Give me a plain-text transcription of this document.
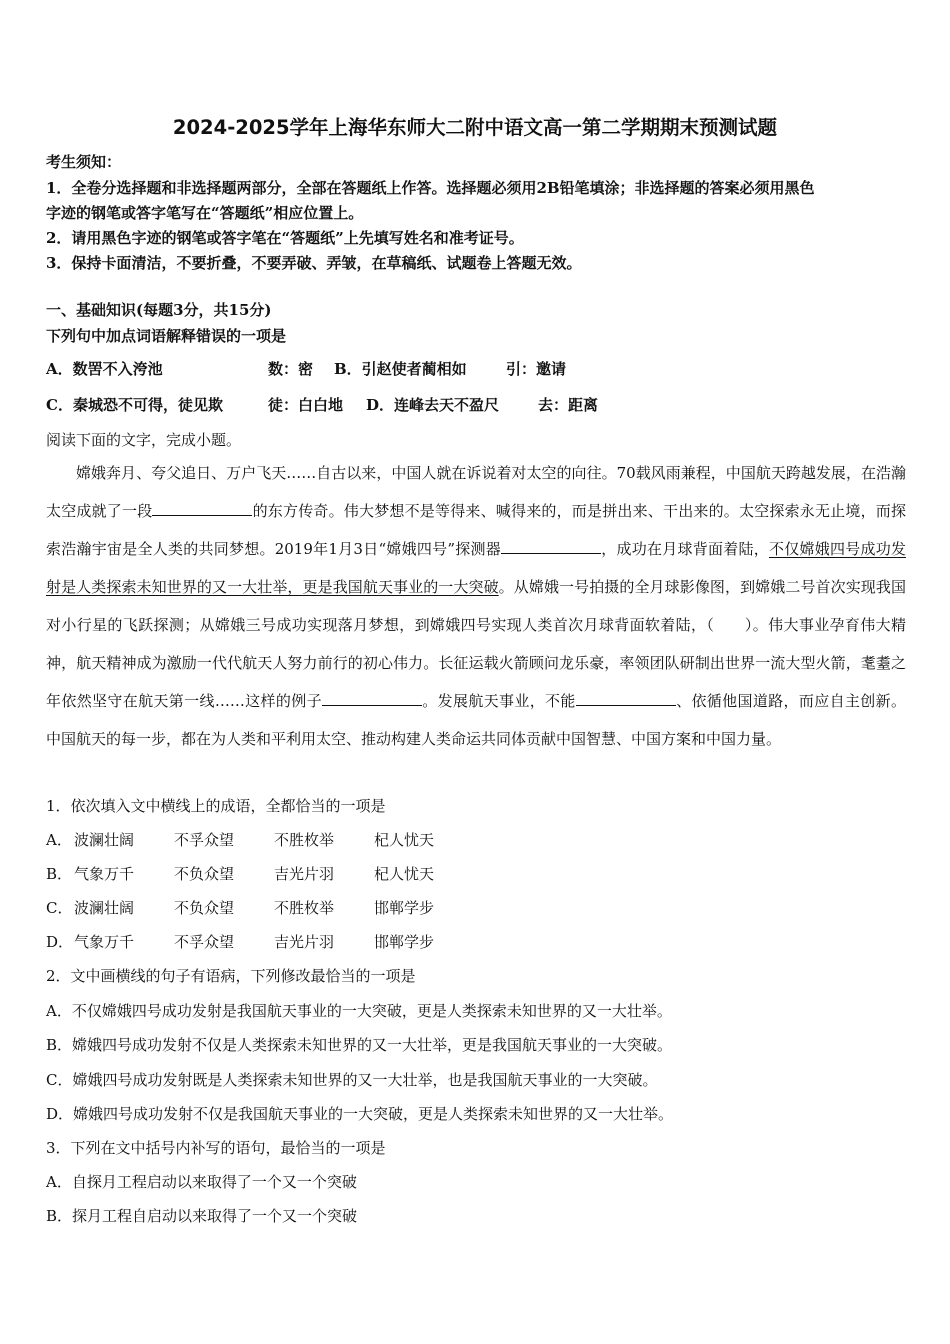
2024-2025学年上海华东师大二附中语文高一第二学期期末预测试题
考生须知：
1．全卷分选择题和非选择题两部分，全部在答题纸上作答。选择题必须用2B铅笔填涂；非选择题的答案必须用黑色
字迹的钢笔或答字笔写在“答题纸”相应位置上。
2．请用黑色字迹的钢笔或答字笔在“答题纸”上先填写姓名和准考证号。
3．保持卡面清洁，不要折叠，不要弄破、弄皱，在草稿纸、试题卷上答题无效。
一、基础知识(每题3分，共15分)
下列句中加点词语解释错误的一项是
A．数罟不入洿池	数：密 B．引赵使者蔺相如	引：邀请
C．秦城恐不可得，徒见欺	徒：白白地 D．连峰去天不盈尺	去：距离
阅读下面的文字，完成小题。

嫦娥奔月、夸父追日、万户飞天……自古以来，中国人就在诉说着对太空的向往。70载风雨兼程，中国航天跨越发展，在浩瀚太空成就了一段	的东方传奇。伟大梦想不是等得来、喊得来的，而是拼出来、干出来的。太空探索永无止境，而探索浩瀚宇宙是全人类的共同梦想。2019年1月3日“嫦娥四号”探测器	，成功在月球背面着陆，不仅嫦娥四号成功发射是人类探索未知世界的又一大壮举，更是我国航天事业的一大突破。从嫦娥一号拍摄的全月球影像图，到嫦娥二号首次实现我国对小行星的飞跃探测；从嫦娥三号成功实现落月梦想，到嫦娥四号实现人类首次月球背面软着陆，（　　）。伟大事业孕育伟大精神，航天精神成为激励一代代航天人努力前行的初心伟力。长征运载火箭顾问龙乐豪，率领团队研制出世界一流大型火箭，耄耋之年依然坚守在航天第一线……这样的例子	。发展航天事业，不能	、依循他国道路，而应自主创新。中国航天的每一步，都在为人类和平利用太空、推动构建人类命运共同体贡献中国智慧、中国方案和中国力量。

1．依次填入文中横线上的成语，全都恰当的一项是
A． 波澜壮阔	不孚众望	不胜枚举	杞人忧天
B． 气象万千	不负众望	吉光片羽	杞人忧天
C． 波澜壮阔	不负众望	不胜枚举	邯郸学步
D．气象万千	不孚众望	吉光片羽	邯郸学步
2．文中画横线的句子有语病，下列修改最恰当的一项是
A．不仅嫦娥四号成功发射是我国航天事业的一大突破，更是人类探索未知世界的又一大壮举。
B．嫦娥四号成功发射不仅是人类探索未知世界的又一大壮举，更是我国航天事业的一大突破。
C．嫦娥四号成功发射既是人类探索未知世界的又一大壮举，也是我国航天事业的一大突破。
D．嫦娥四号成功发射不仅是我国航天事业的一大突破，更是人类探索未知世界的又一大壮举。
3．下列在文中括号内补写的语句，最恰当的一项是
A．自探月工程启动以来取得了一个又一个突破
B．探月工程自启动以来取得了一个又一个突破
